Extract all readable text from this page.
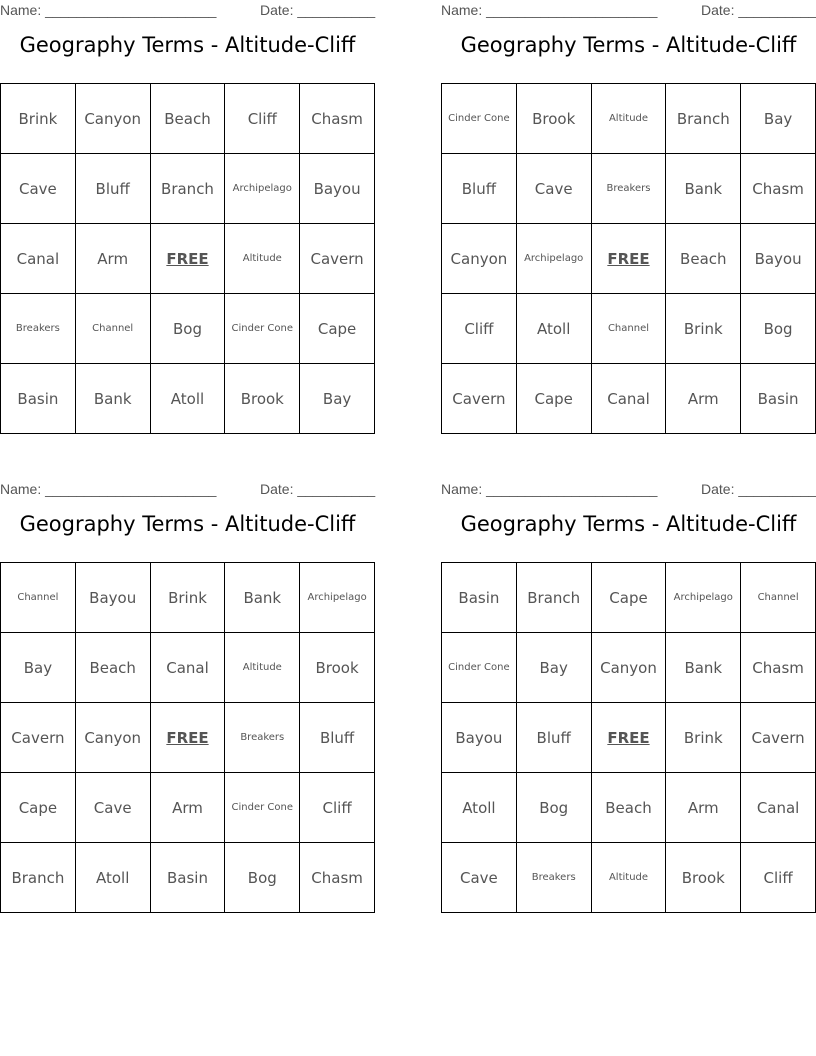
Name: ______________________	Date: __________
Geography Terms - Altitude-Cliff
Brink	Canyon	Beach	Cliff	Chasm
Cave	Bluff	Branch	Archipelago	Bayou
Canal	Arm	FREE	Altitude	Cavern
Breakers	Channel	Bog	Cinder Cone	Cape
Basin	Bank	Atoll	Brook	Bay
Name: ______________________	Date: __________
Geography Terms - Altitude-Cliff
Cinder Cone	Brook	Altitude	Branch	Bay
Bluff	Cave	Breakers	Bank	Chasm
Canyon	Archipelago	FREE	Beach	Bayou
Cliff	Atoll	Channel	Brink	Bog
Cavern	Cape	Canal	Arm	Basin
Name: ______________________	Date: __________
Geography Terms - Altitude-Cliff
Channel	Bayou	Brink	Bank	Archipelago
Bay	Beach	Canal	Altitude	Brook
Cavern	Canyon	FREE	Breakers	Bluff
Cape	Cave	Arm	Cinder Cone	Cliff
Branch	Atoll	Basin	Bog	Chasm
Name: ______________________	Date: __________
Geography Terms - Altitude-Cliff
Basin	Branch	Cape	Archipelago	Channel
Cinder Cone	Bay	Canyon	Bank	Chasm
Bayou	Bluff	FREE	Brink	Cavern
Atoll	Bog	Beach	Arm	Canal
Cave	Breakers	Altitude	Brook	Cliff
